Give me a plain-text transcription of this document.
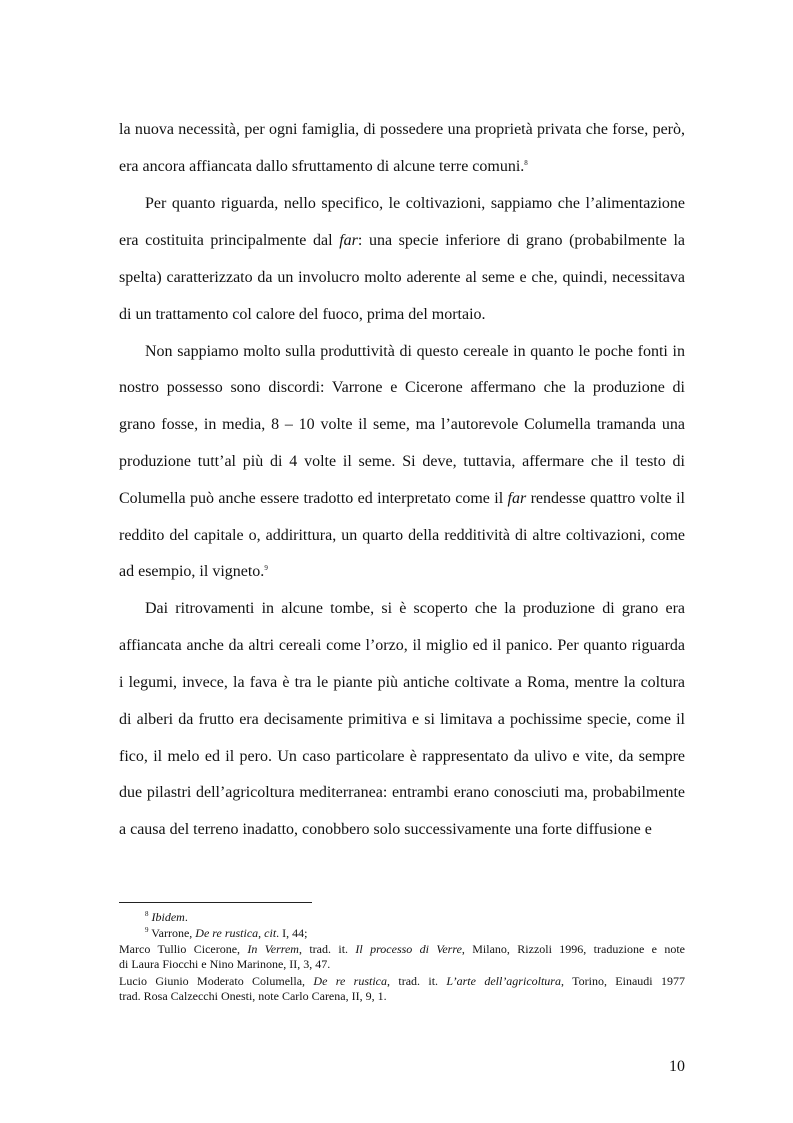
la nuova necessità, per ogni famiglia, di possedere una proprietà privata che forse, però,
era ancora affiancata dallo sfruttamento di alcune terre comuni.$^8$
Per quanto riguarda, nello specifico, le coltivazioni, sappiamo che l’alimentazione
era costituita principalmente dal far: una specie inferiore di grano (probabilmente la
spelta) caratterizzato da un involucro molto aderente al seme e che, quindi, necessitava
di un trattamento col calore del fuoco, prima del mortaio.
Non sappiamo molto sulla produttività di questo cereale in quanto le poche fonti in
nostro possesso sono discordi: Varrone e Cicerone affermano che la produzione di
grano fosse, in media, 8 – 10 volte il seme, ma l’autorevole Columella tramanda una
produzione tutt’al più di 4 volte il seme. Si deve, tuttavia, affermare che il testo di
Columella può anche essere tradotto ed interpretato come il far rendesse quattro volte il
reddito del capitale o, addirittura, un quarto della redditività di altre coltivazioni, come
ad esempio, il vigneto.$^9$
Dai ritrovamenti in alcune tombe, si è scoperto che la produzione di grano era
affiancata anche da altri cereali come l’orzo, il miglio ed il panico. Per quanto riguarda
i legumi, invece, la fava è tra le piante più antiche coltivate a Roma, mentre la coltura
di alberi da frutto era decisamente primitiva e si limitava a pochissime specie, come il
fico, il melo ed il pero. Un caso particolare è rappresentato da ulivo e vite, da sempre
due pilastri dell’agricoltura mediterranea: entrambi erano conosciuti ma, probabilmente
a causa del terreno inadatto, conobbero solo successivamente una forte diffusione e
$^8$ Ibidem.
$^9$ Varrone, De re rustica, cit. I, 44;
Marco Tullio Cicerone, In Verrem, trad. it. Il processo di Verre, Milano, Rizzoli 1996, traduzione e note
di Laura Fiocchi e Nino Marinone, II, 3, 47.
Lucio Giunio Moderato Columella, De re rustica, trad. it. L’arte dell’agricoltura, Torino, Einaudi 1977
trad. Rosa Calzecchi Onesti, note Carlo Carena, II, 9, 1.
10
